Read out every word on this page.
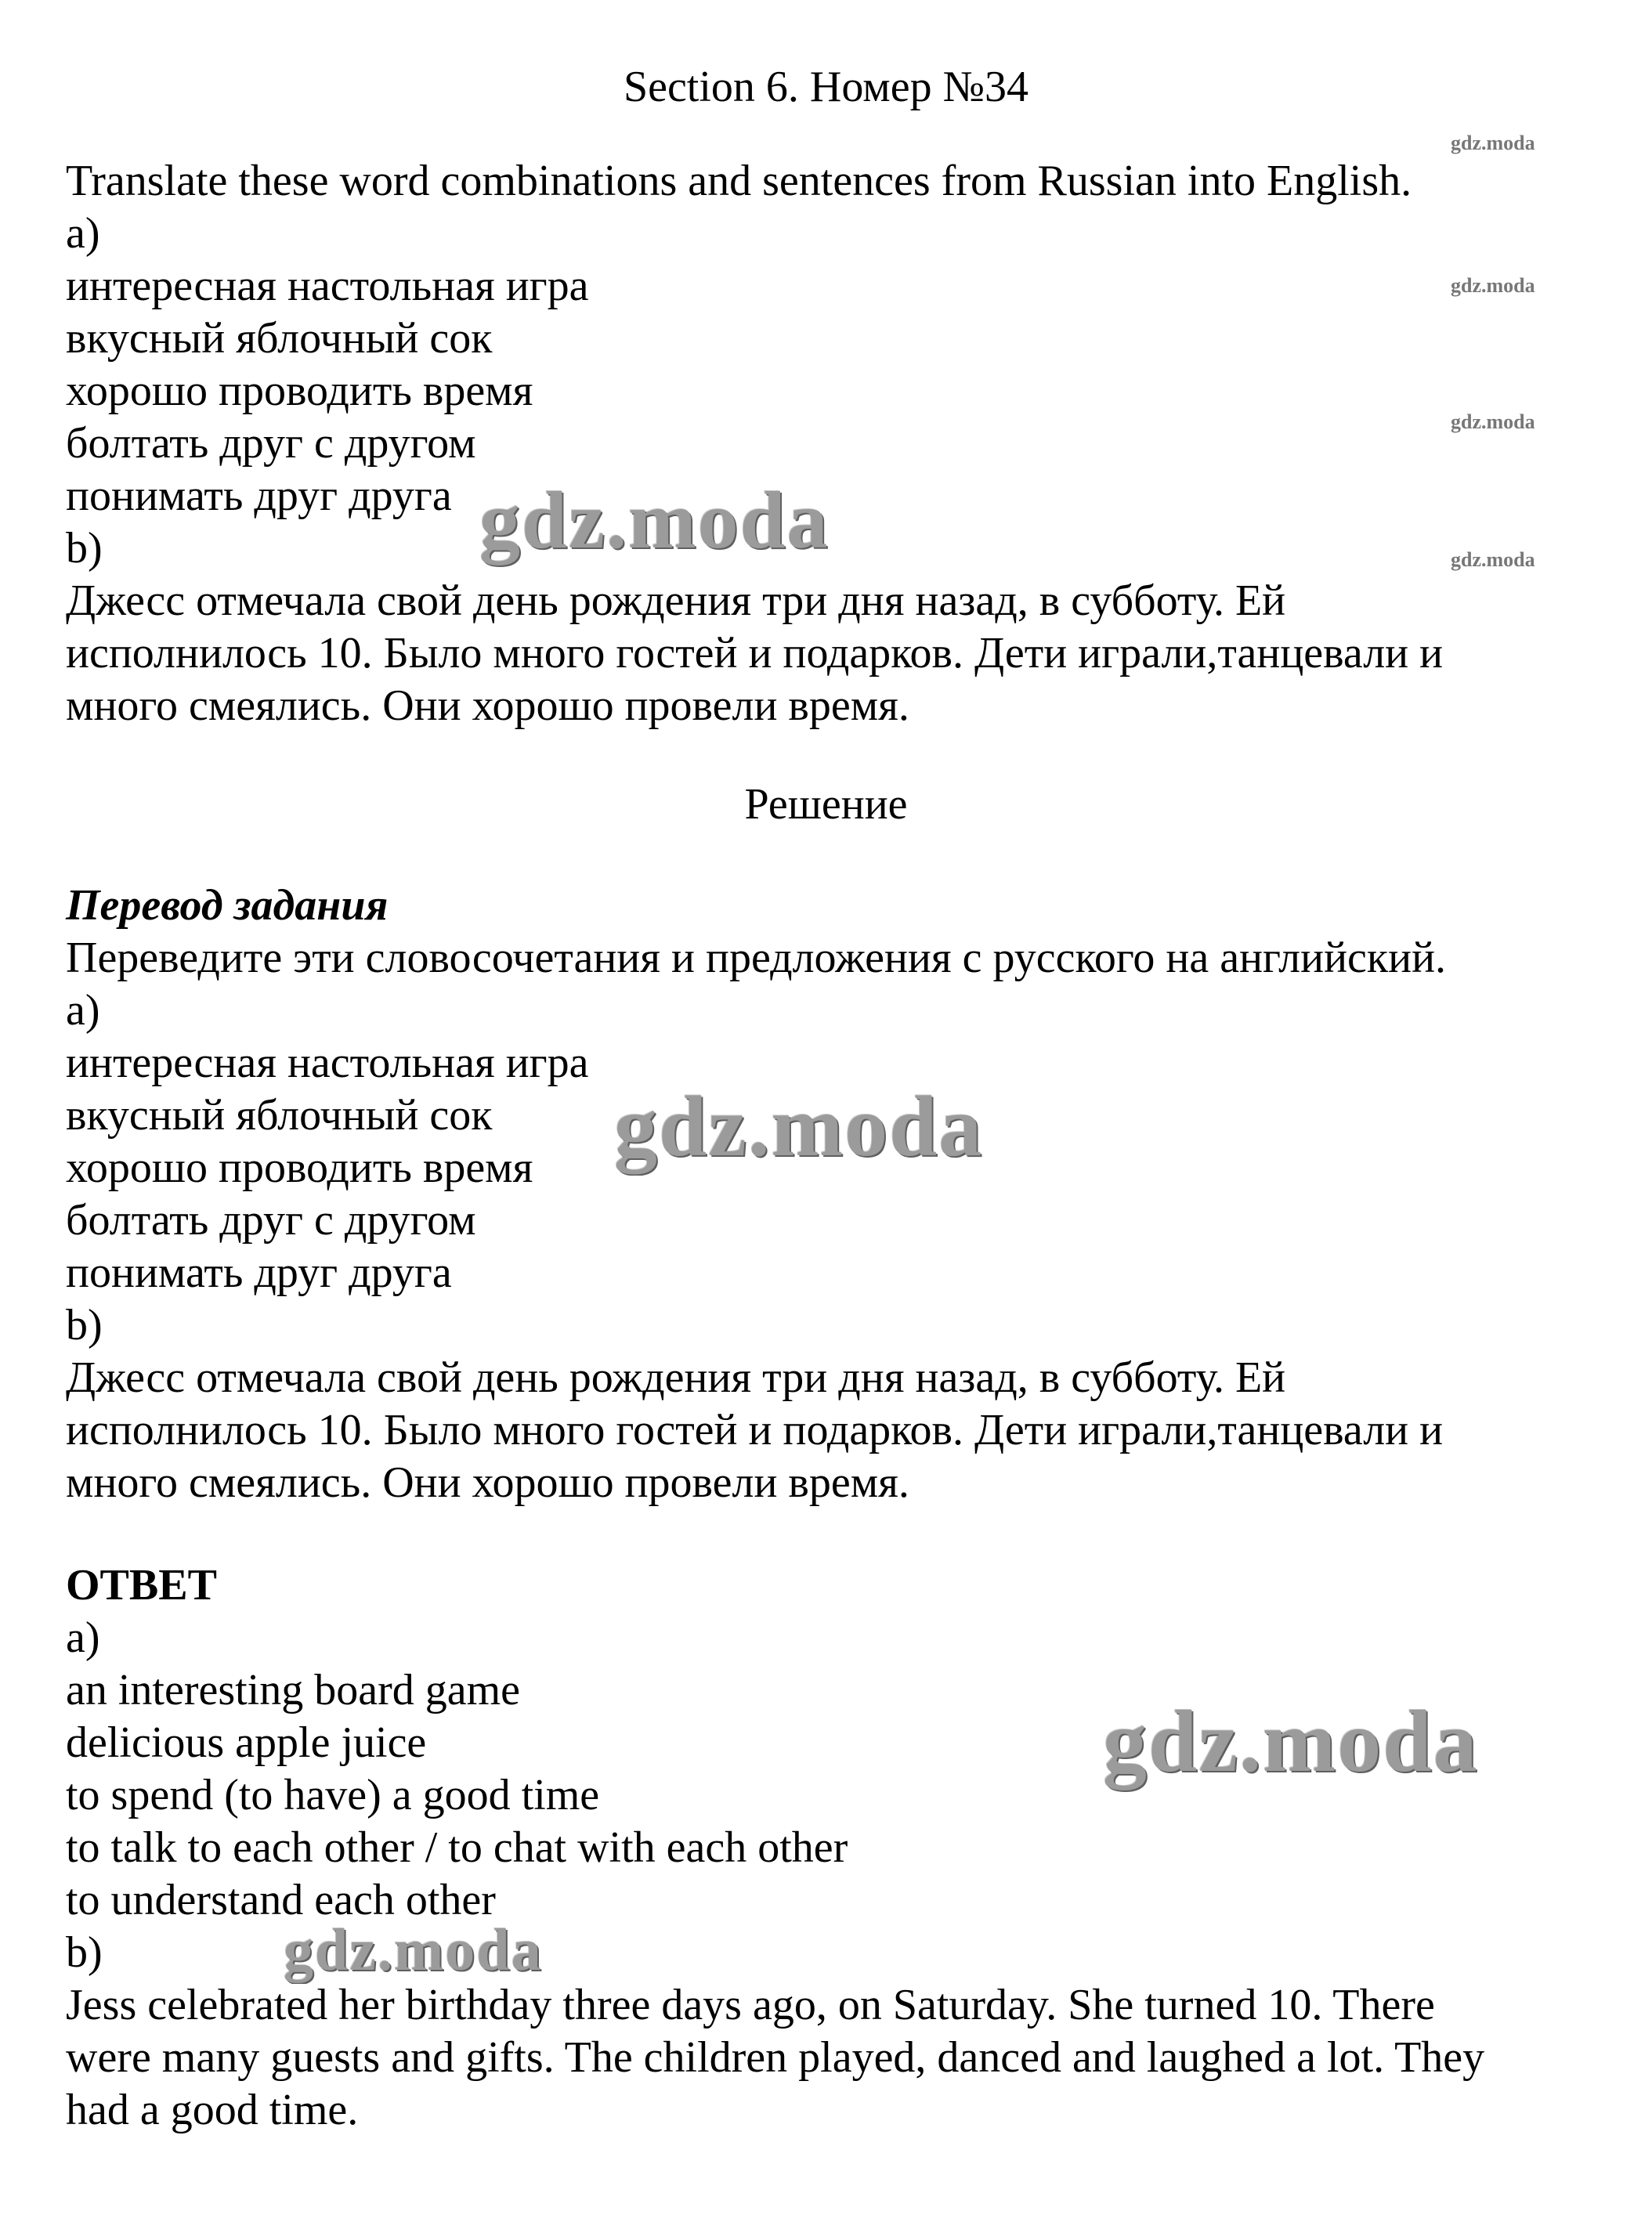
Section 6. Номер №34

Translate these word combinations and sentences from Russian into English.

a)

интересная настольная игра

вкусный яблочный сок

хорошо проводить время

болтать друг с другом

понимать друг друга

b)

Джесс отмечала свой день рождения три дня назад, в субботу. Ей

исполнилось 10. Было много гостей и подарков. Дети играли,танцевали и

много смеялись. Они хорошо провели время.

Решение

Перевод задания

Переведите эти словосочетания и предложения с русского на английский.

a)

интересная настольная игра

вкусный яблочный сок

хорошо проводить время

болтать друг с другом

понимать друг друга

b)

Джесс отмечала свой день рождения три дня назад, в субботу. Ей

исполнилось 10. Было много гостей и подарков. Дети играли,танцевали и

много смеялись. Они хорошо провели время.

ОТВЕТ

a)

an interesting board game

delicious apple juice

to spend (to have) a good time

to talk to each other / to chat with each other

to understand each other

b)

Jess celebrated her birthday three days ago, on Saturday. She turned 10. There

were many guests and gifts. The children played, danced and laughed a lot. They

had a good time.

gdz.moda
gdz.moda
gdz.moda
gdz.moda
gdz.moda
gdz.moda
gdz.moda
gdz.moda
